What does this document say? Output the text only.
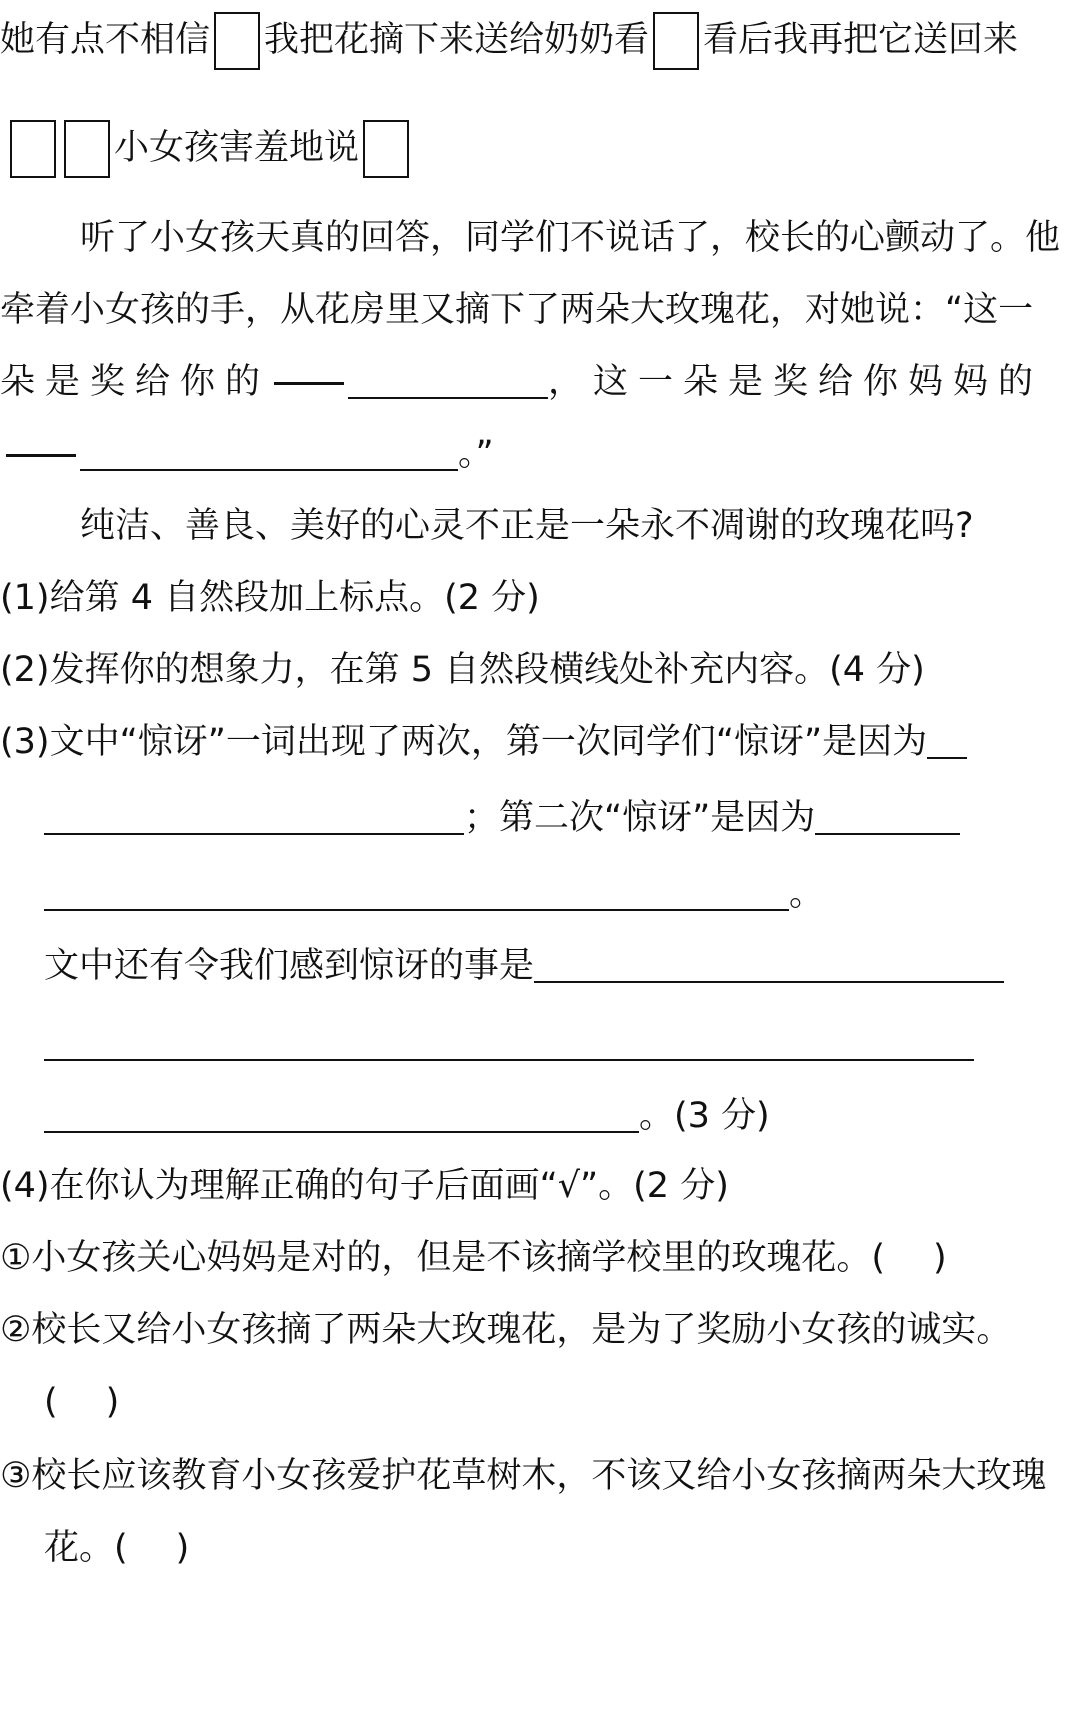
她有点不相信 我把花摘下来送给奶奶看 看后我再把它送回来
小女孩害羞地说
听了小女孩天真的回答，同学们不说话了，校长的心颤动了。他
牵着小女孩的手，从花房里又摘下了两朵大玫瑰花，对她说：“这一
朵是奖给你的	，这一朵是奖给你妈妈的
。”
纯洁、善良、美好的心灵不正是一朵永不凋谢的玫瑰花吗?
(1)给第 4 自然段加上标点。(2 分)
(2)发挥你的想象力，在第 5 自然段横线处补充内容。(4 分)
(3)文中“惊讶”一词出现了两次，第一次同学们“惊讶”是因为
；第二次“惊讶”是因为
。
文中还有令我们感到惊讶的事是
。(3 分)
(4)在你认为理解正确的句子后面画“√”。(2 分)
①小女孩关心妈妈是对的，但是不该摘学校里的玫瑰花。( )
②校长又给小女孩摘了两朵大玫瑰花，是为了奖励小女孩的诚实。
( )
③校长应该教育小女孩爱护花草树木，不该又给小女孩摘两朵大玫瑰
花。( )
